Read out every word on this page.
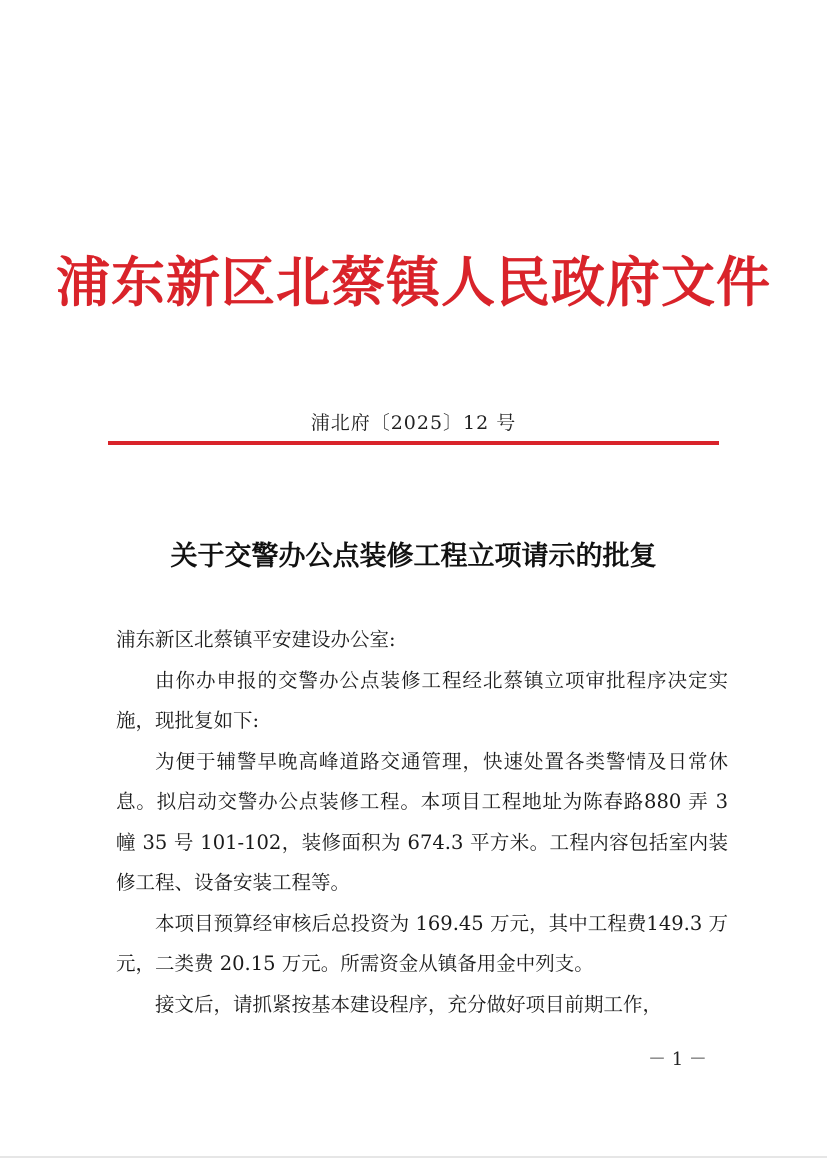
浦东新区北蔡镇人民政府文件
浦北府〔2025〕12 号
关于交警办公点装修工程立项请示的批复

浦东新区北蔡镇平安建设办公室:

由你办申报的交警办公点装修工程经北蔡镇立项审批程序决定实施，现批复如下:

为便于辅警早晚高峰道路交通管理，快速处置各类警情及日常休息。拟启动交警办公点装修工程。本项目工程地址为陈春路880 弄 3 幢 35 号 101-102，装修面积为 674.3 平方米。工程内容包括室内装修工程、设备安装工程等。

本项目预算经审核后总投资为 169.45 万元，其中工程费149.3 万元，二类费 20.15 万元。所需资金从镇备用金中列支。

接文后，请抓紧按基本建设程序，充分做好项目前期工作，

－ 1 －
